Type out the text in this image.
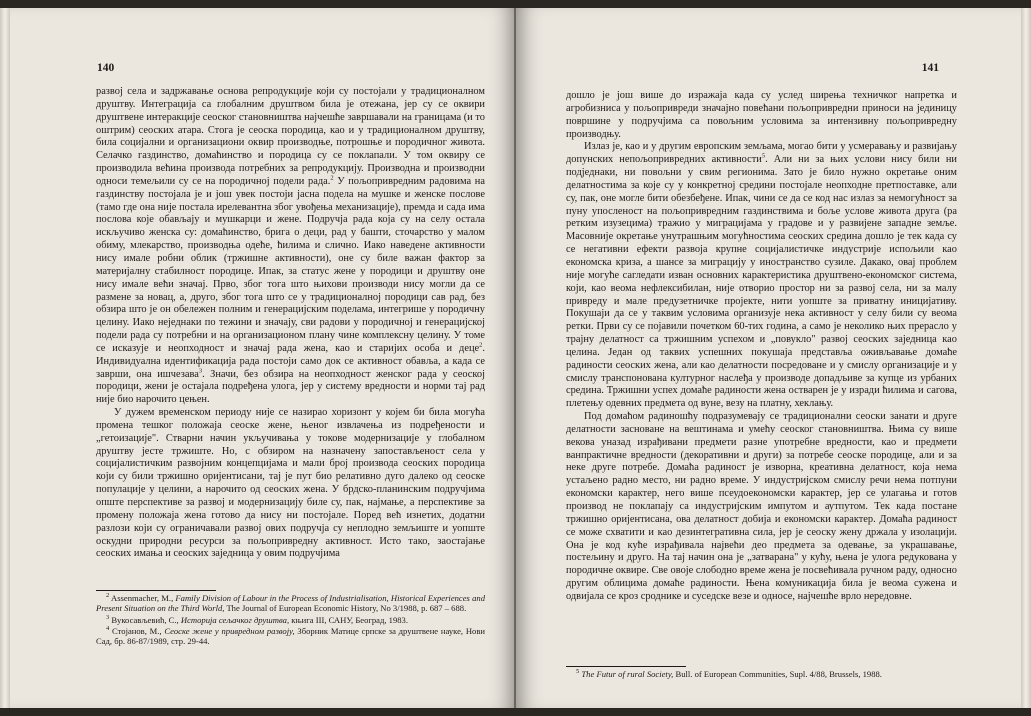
140

развој села и задржавање основа репродукције који су постојали у традиционалном друштву. Интеграција са глобалним друштвом била је отежана, јер су се оквири друштвене интеракције сеоског становништва најчешће завршавали на границама (и то оштрим) сеоских атара. Стога је сеоска породица, као и у традиционалном друштву, била социјални и организациони оквир производње, потрошње и породичног живота. Селачко газдинство, домаћинство и породица су се поклапали. У том оквиру се производила већина производа потребних за репродукцију. Производна и производни односи темељили су се на породичној подели рада.$^2$ У пољопривредним радовима на газдинству постојала је и још увек постоји јасна подела на мушке и женске послове (тамо где она није постала ирелевантна због увођења механизације), премда и сада има послова које обављају и мушкарци и жене. Подручја рада која су на селу остала искључиво женска су: домаћинство, брига о деци, рад у башти, сточарство у малом обиму, млекарство, производња одеће, ћилима и слично. Иако наведене активности нису имале робни облик (тржишне активности), оне су биле важан фактор за материјалну стабилност породице. Ипак, за статус жене у породици и друштву оне нису имале већи значај. Прво, због тога што њихови производи нису могли да се размене за новац, а, друго, због тога што се у традиционалној породици сав рад, без обзира што је он обележен полним и генерацијским поделама, интегрише у породичну целину. Иако неједнаки по тежини и значају, сви радови у породичној и генерацијској подели рада су потребни и на организационом плану чине комплексну целину. У томе се исказује и неопходност и значај рада жена, као и старијих особа и деце$^2$. Индивидуална идентификација рада постоји само док се активност обавља, а када се заврши, она ишчезава$^3$. Значи, без обзира на неопходност женског рада у сеоској породици, жени је остајала подређена улога, јер у систему вредности и норми тај рад није био нарочито цењен.

У дужем временском периоду није се назирао хоризонт у којем би била могућа промена тешког положаја сеоске жене, њеног извлачења из подређености и „гетоизације". Стварни начин укључивања у токове модернизације у глобалном друштву јесте тржиште. Но, с обзиром на назначену запостављеност села у социјалистичким развојним концепцијама и мали број производа сеоских породица који су били тржишно оријентисани, тај је пут био релативно дуго далеко од сеоске популације у целини, а нарочито од сеоских жена. У брдско-планинским подручјима опште перспективе за развој и модернизацију биле су, пак, најмање, а перспективе за промену положаја жена готово да нису ни постојале. Поред већ изнетих, додатни разлози који су ограничавали развој ових подручја су неплодно земљиште и уопште оскудни природни ресурси за пољопривредну активност. Исто тако, заостајање сеоских имања и сеоских заједница у овим подручјима

$^2$ Assenmacher, M., Family Division of Labour in the Process of Industrialisation, Historical Experiences and Present Situation on the Third World, The Journal of European Economic History, No 3/1988, p. 687 – 688.

$^3$ Вукосављевић, С., Историја сељачког друштва, књига III, САНУ, Београд, 1983.

$^4$ Стојанов, М., Сеоске жене у привредном развоју, Зборник Матице српске за друштвене науке, Нови Сад, бр. 86-87/1989, стр. 29-44.

141

дошло је још више до изражаја када су услед ширења техничког напретка и агробизниса у пољопривреди значајно повећани пољопривредни приноси на јединицу површине у подручјима са повољним условима за интензивну пољопривредну производњу.

Излаз је, као и у другим европским земљама, могао бити у усмеравању и развијању допунских непољопривредних активности$^5$. Али ни за њих услови нису били ни подједнаки, ни повољни у свим регионима. Зато је било нужно окретање оним делатностима за које су у конкретној средини постојале неопходне претпоставке, али су, пак, оне могле бити обезбеђене. Ипак, чини се да се код нас излаз за немогућност за пуну упосленост на пољопривредним газдинствима и боље услове живота друга (ра ретким изузецима) тражио у миграцијама у градове и у развијене западне земље. Масовније окретање унутрашњим могућностима сеоских средина дошло је тек када су се негативни ефекти развоја крупне социјалистичке индустрије испољили као економска криза, а шансе за миграцију у иностранство сузиле. Дакако, овај проблем није могуће сагледати изван основних карактеристика друштвено-економског система, који, као веома нефлексибилан, није отворио простор ни за развој села, ни за малу привреду и мале предузетничке пројекте, нити уопште за приватну иницијативу. Покушаји да се у таквим условима организује нека активност у селу били су веома ретки. Први су се појавили почетком 60-тих година, а само је неколико њих прерасло у трајну делатност са тржишним успехом и „повукло" развој сеоских заједница као целина. Један од таквих успешних покушаја представља оживљавање домаће радиности сеоских жена, али као делатности посредоване и у смислу организације и у смислу транспонована културног наслеђа у производе допадљиве за купце из урбаних средина. Тржишни успех домаће радиности жена остварен је у изради ћилима и сагова, плетењу одевних предмета од вуне, везу на платну, хеклању.

Под домаћом радиношћу подразумевају се традиционални сеоски занати и друге делатности засноване на вештинама и умећу сеоског становништва. Њима су више векова уназад израђивани предмети разне употребне вредности, као и предмети ванпрактичне вредности (декоративни и други) за потребе сеоске породице, али и за неке друге потребе. Домаћа радиност је изворна, креативна делатност, која нема устаљено радно место, ни радно време. У индустријском смислу речи нема потпуни економски карактер, него више псеудоекономски карактер, јер се улагања и готов производ не поклапају са индустријским импутом и аутпутом. Тек када постане тржишно оријентисана, ова делатност добија и економски карактер. Домаћа радиност се може схватити и као дезинтегративна сила, јер је сеоску жену држала у изолацији. Она је код куће израђивала највећи део предмета за одевање, за украшавање, постељину и друго. На тај начин она је „затварана" у кућу, њена је улога редукована у породичне оквире. Све овоје слободно време жена је посвећивала ручном раду, односно другим облицима домаће радиности. Њена комуникација била је веома сужена и одвијала се кроз сроднике и суседске везе и односе, најчешће врло нередовне.

$^5$ The Futur of rural Society, Bull. of European Communities, Supl. 4/88, Brussels, 1988.
